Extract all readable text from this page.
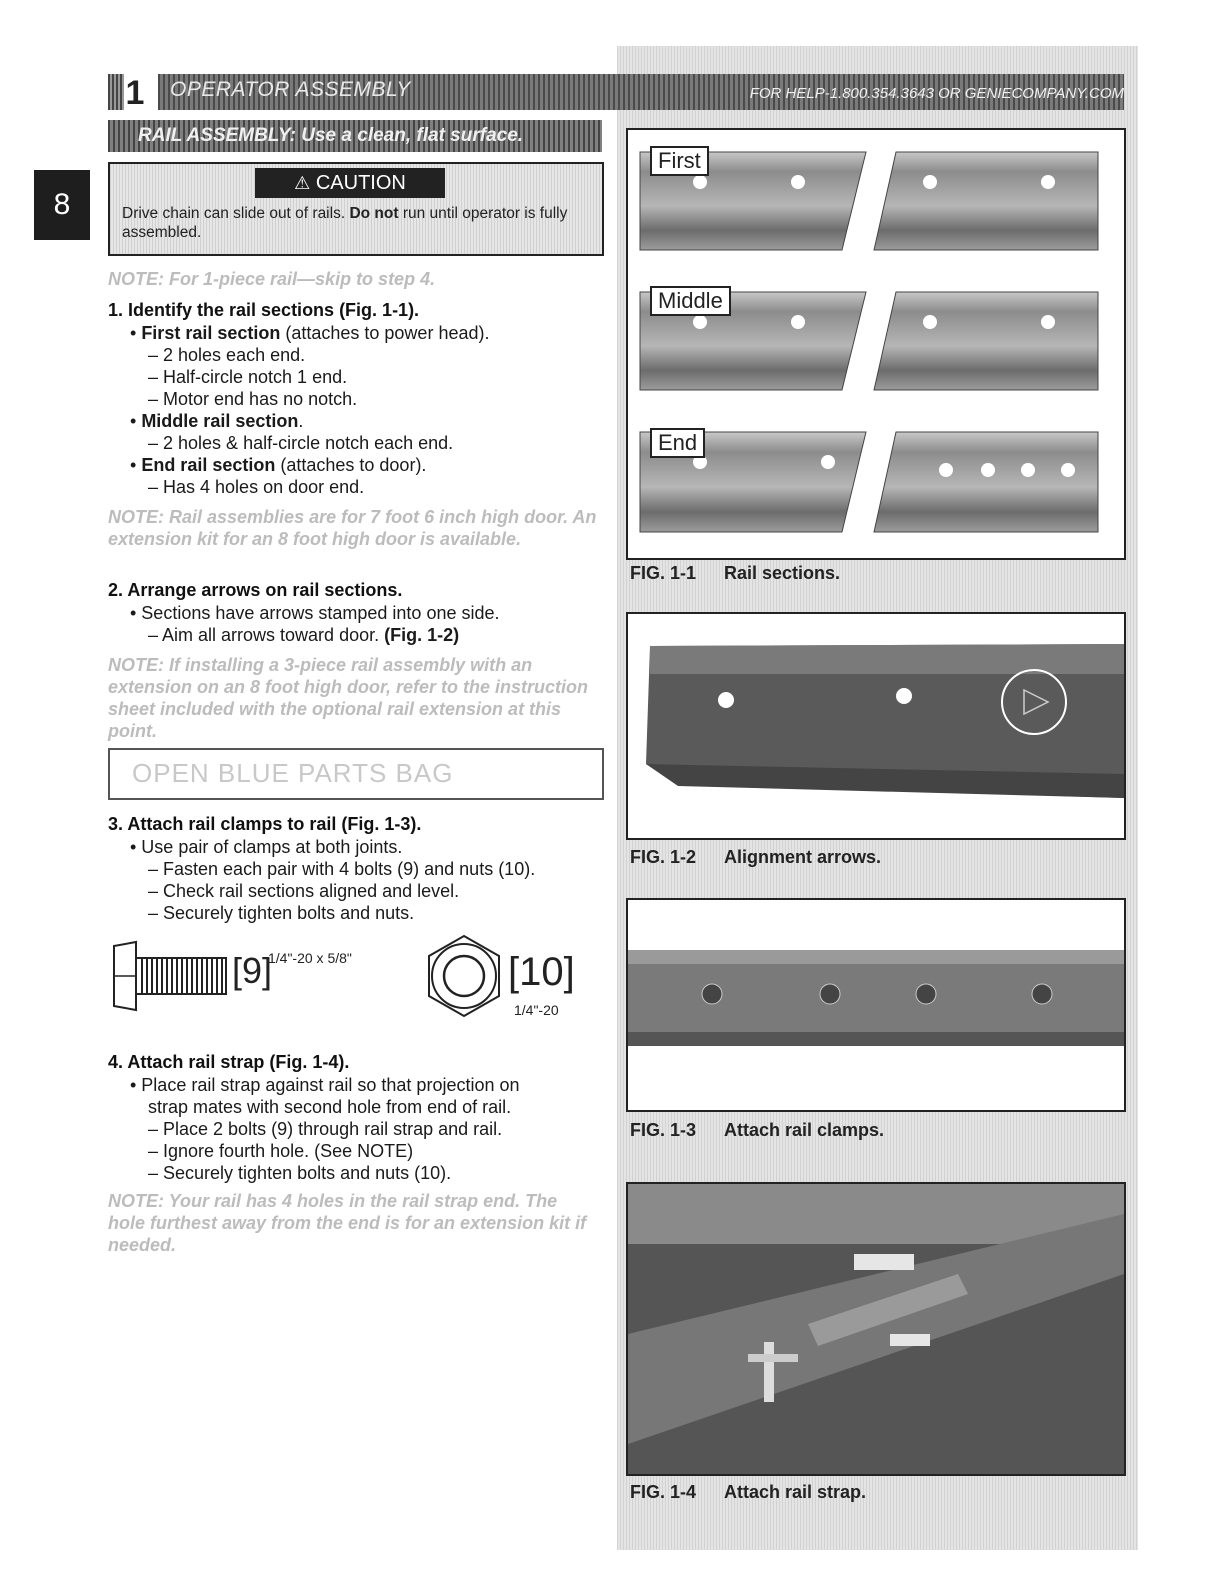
1	OPERATOR ASSEMBLY	FOR HELP-1.800.354.3643 OR GENIECOMPANY.COM
8
RAIL ASSEMBLY: Use a clean, flat surface.
⚠ CAUTION
Drive chain can slide out of rails. Do not run until operator is fully assembled.
NOTE: For 1-piece rail—skip to step 4.
1. Identify the rail sections (Fig. 1-1).
• First rail section (attaches to power head).
– 2 holes each end.
– Half-circle notch 1 end.
– Motor end has no notch.
• Middle rail section.
– 2 holes & half-circle notch each end.
• End rail section (attaches to door).
– Has 4 holes on door end.
NOTE: Rail assemblies are for 7 foot 6 inch high door. An extension kit for an 8 foot high door is available.
2. Arrange arrows on rail sections.
• Sections have arrows stamped into one side.
– Aim all arrows toward door. (Fig. 1-2)
NOTE: If installing a 3-piece rail assembly with an extension on an 8 foot high door, refer to the instruction sheet included with the optional rail extension at this point.
OPEN BLUE PARTS BAG
3. Attach rail clamps to rail (Fig. 1-3).
• Use pair of clamps at both joints.
– Fasten each pair with 4 bolts (9) and nuts (10).
– Check rail sections aligned and level.
– Securely tighten bolts and nuts.
[9]
1/4"-20 x 5/8"	[10]
1/4"-20
4. Attach rail strap (Fig. 1-4).
• Place rail strap against rail so that projection on
strap mates with second hole from end of rail.
– Place 2 bolts (9) through rail strap and rail.
– Ignore fourth hole. (See NOTE)
– Securely tighten bolts and nuts (10).
NOTE: Your rail has 4 holes in the rail strap end. The hole furthest away from the end is for an extension kit if needed.
First
Middle
End
FIG. 1-1 Rail sections.
FIG. 1-2 Alignment arrows.
FIG. 1-3 Attach rail clamps.
FIG. 1-4 Attach rail strap.
